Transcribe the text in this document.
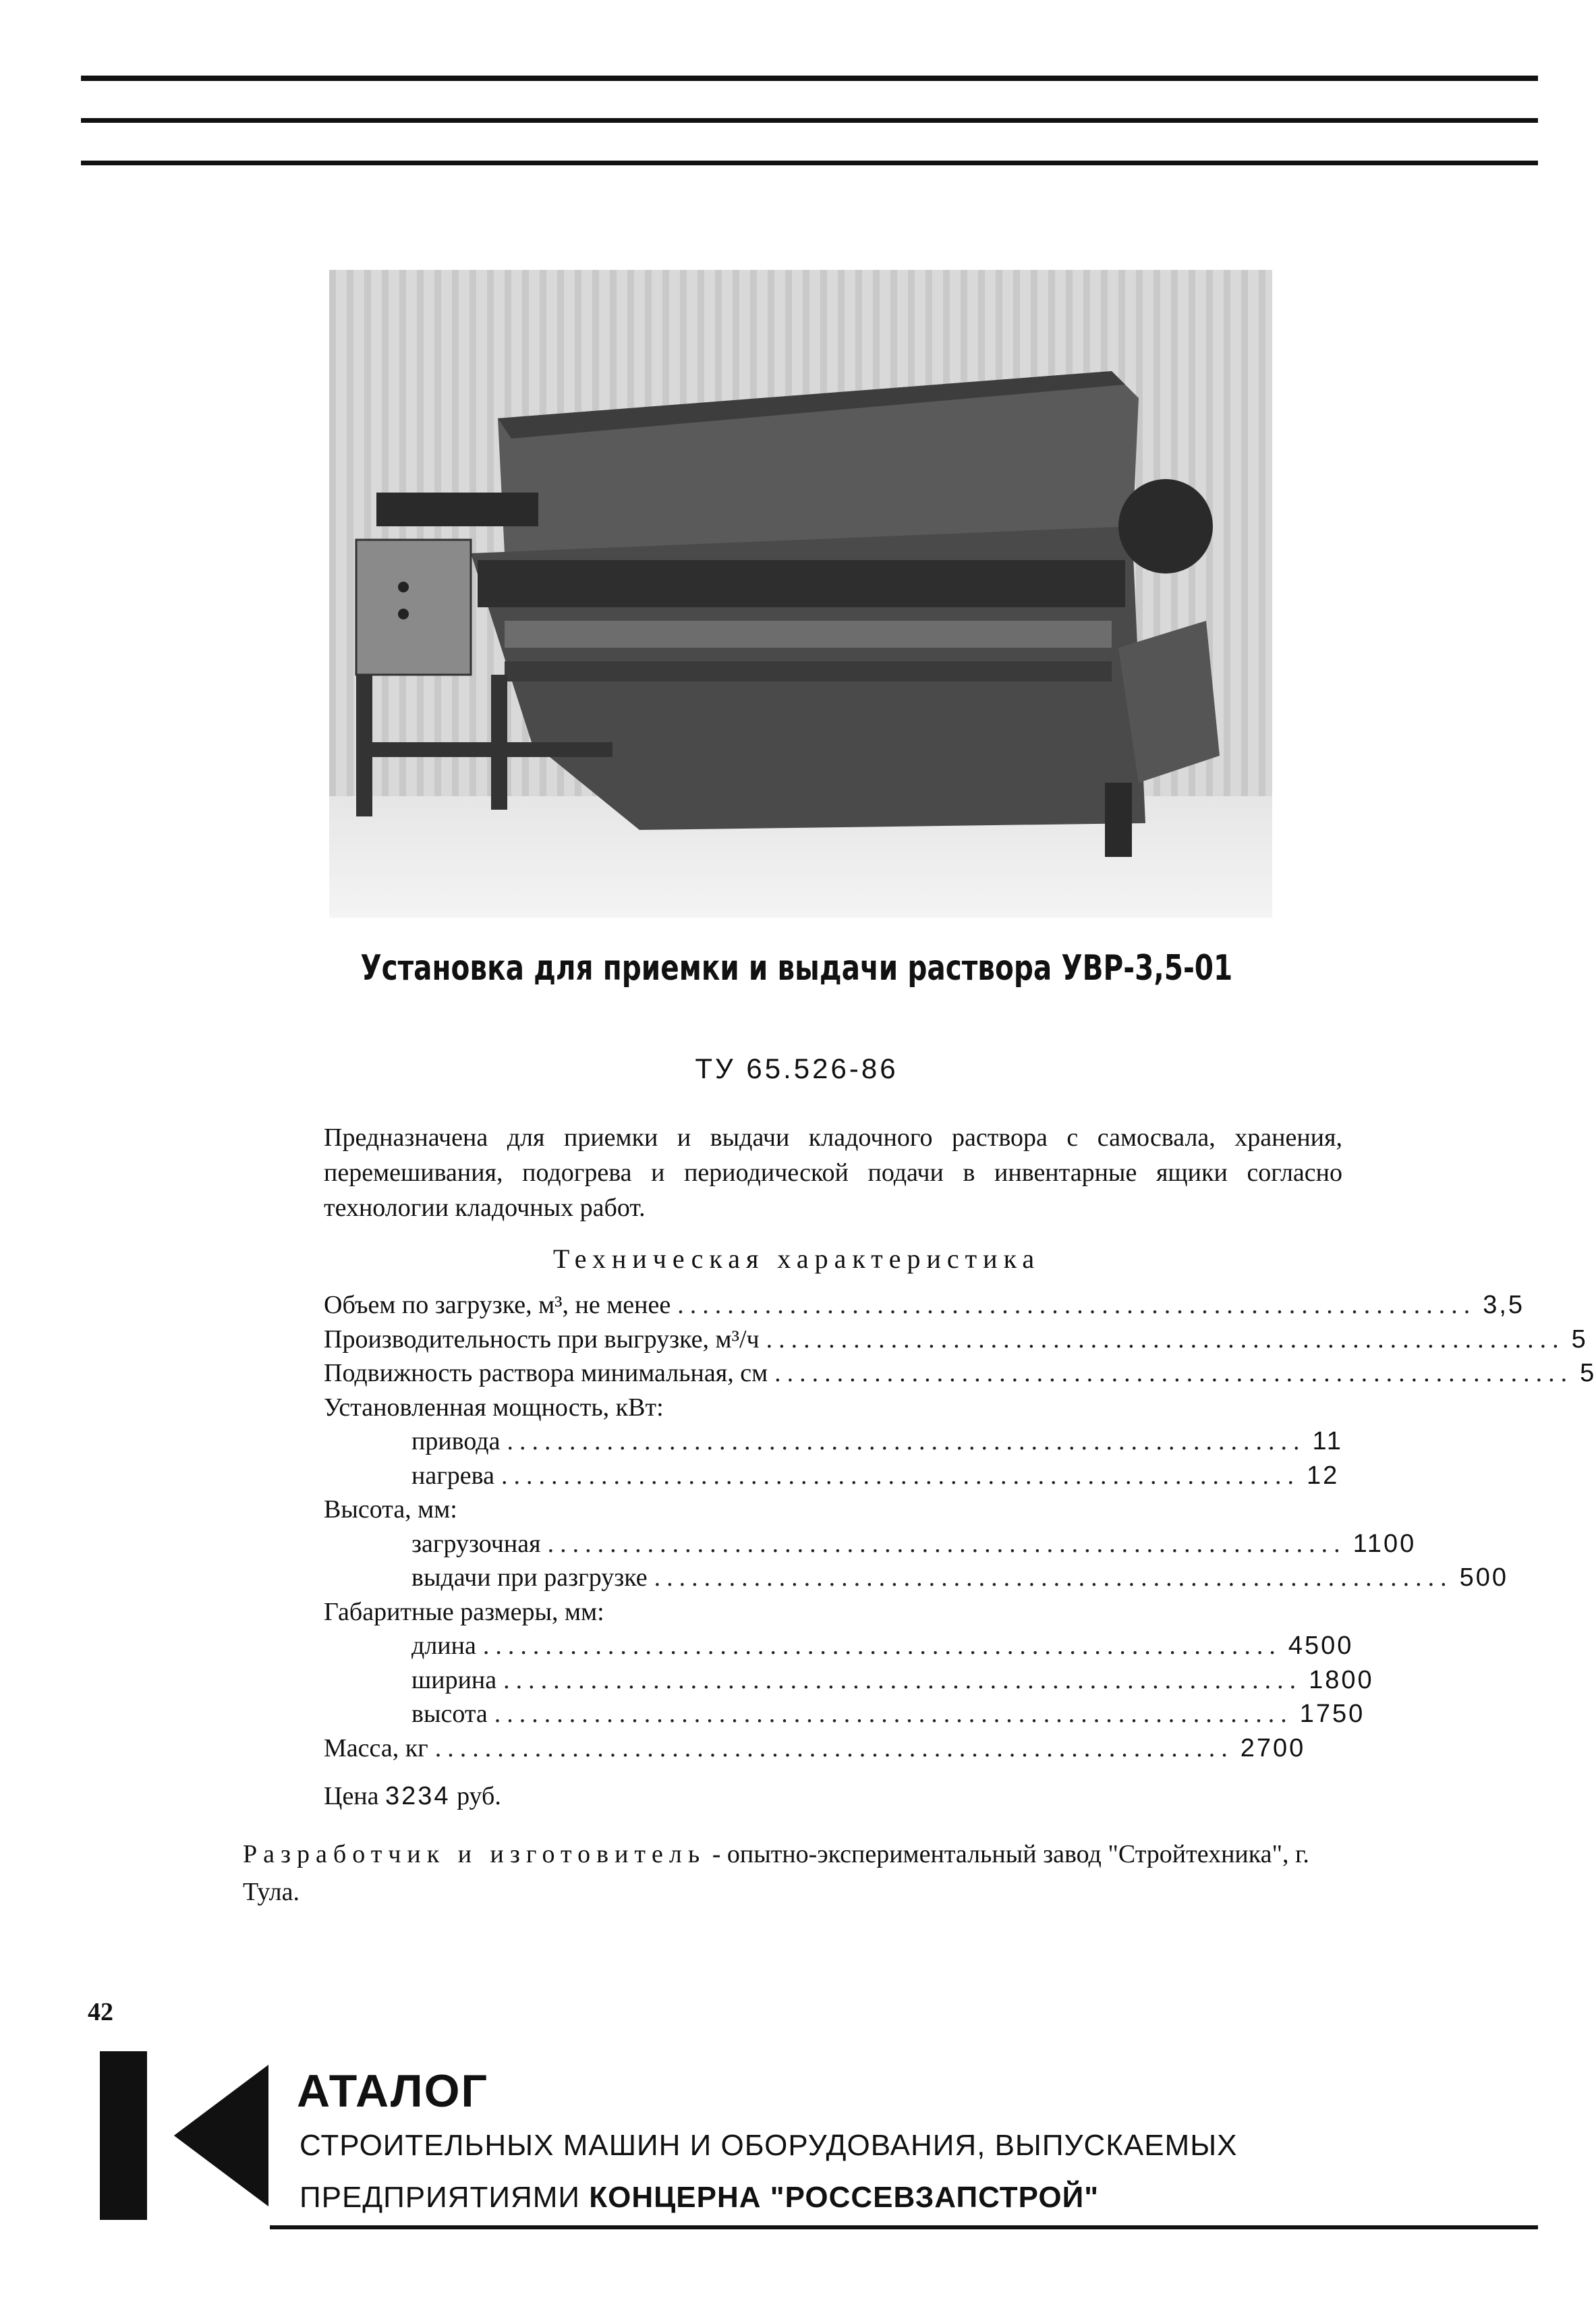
Установка для приемки и выдачи раствора УВР-3,5-01
ТУ 65.526-86

Предназначена для приемки и выдачи кладочного раствора с самосвала, хранения, перемешивания, подогрева и периодической подачи в инвентарные ящики согласно технологии кладочных работ.

Техническая характеристика
Объем по загрузке, м³, не менее ................................................................ 3,5
Производительность при выгрузке, м³/ч ................................................................ 5
Подвижность раствора минимальная, см ................................................................ 5
Установленная мощность, кВт:
привода ................................................................ 11
нагрева ................................................................ 12
Высота, мм:
загрузочная ................................................................ 1100
выдачи при разгрузке ................................................................ 500
Габаритные размеры, мм:
длина ................................................................ 4500
ширина ................................................................ 1800
высота ................................................................ 1750
Масса, кг ................................................................ 2700
Цена 3234 руб.
Разработчик и изготовитель - опытно-экспериментальный завод "Стройтехника", г. Тула.
42
АТАЛОГ
СТРОИТЕЛЬНЫХ МАШИН И ОБОРУДОВАНИЯ, ВЫПУСКАЕМЫХ
ПРЕДПРИЯТИЯМИ КОНЦЕРНА "РОССЕВЗАПСТРОЙ"
